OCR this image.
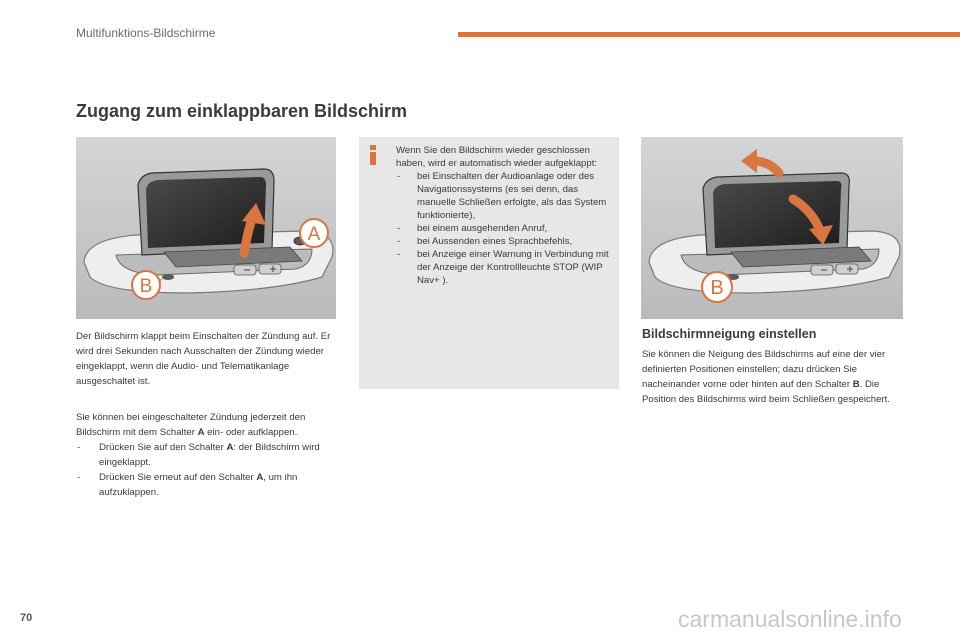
Multifunktions-Bildschirme
Zugang zum einklappbaren Bildschirm
A
B

Wenn Sie den Bildschirm wieder geschlossen haben, wird er automatisch wieder aufgeklappt:

- bei Einschalten der Audioanlage oder des Navigationssystems (es sei denn, das manuelle Schließen erfolgte, als das System funktionierte),
- bei einem ausgehenden Anruf,
- bei Aussenden eines Sprachbefehls,
- bei Anzeige einer Warnung in Verbindung mit der Anzeige der Kontrollleuchte STOP (WIP Nav+ ).	B

Der Bildschirm klappt beim Einschalten der Zündung auf. Er wird drei Sekunden nach Ausschalten der Zündung wieder eingeklappt, wenn die Audio- und Telematikanlage ausgeschaltet ist.

Sie können bei eingeschalteter Zündung jederzeit den Bildschirm mit dem Schalter A ein- oder aufklappen.

- Drücken Sie auf den Schalter A: der Bildschirm wird eingeklappt.
- Drücken Sie erneut auf den Schalter A, um ihn aufzuklappen.
Bildschirmneigung einstellen

Sie können die Neigung des Bildschirms auf eine der vier definierten Positionen einstellen; dazu drücken Sie nacheinander vorne oder hinten auf den Schalter B. Die Position des Bildschirms wird beim Schließen gespeichert.

70	carmanualsonline.info
